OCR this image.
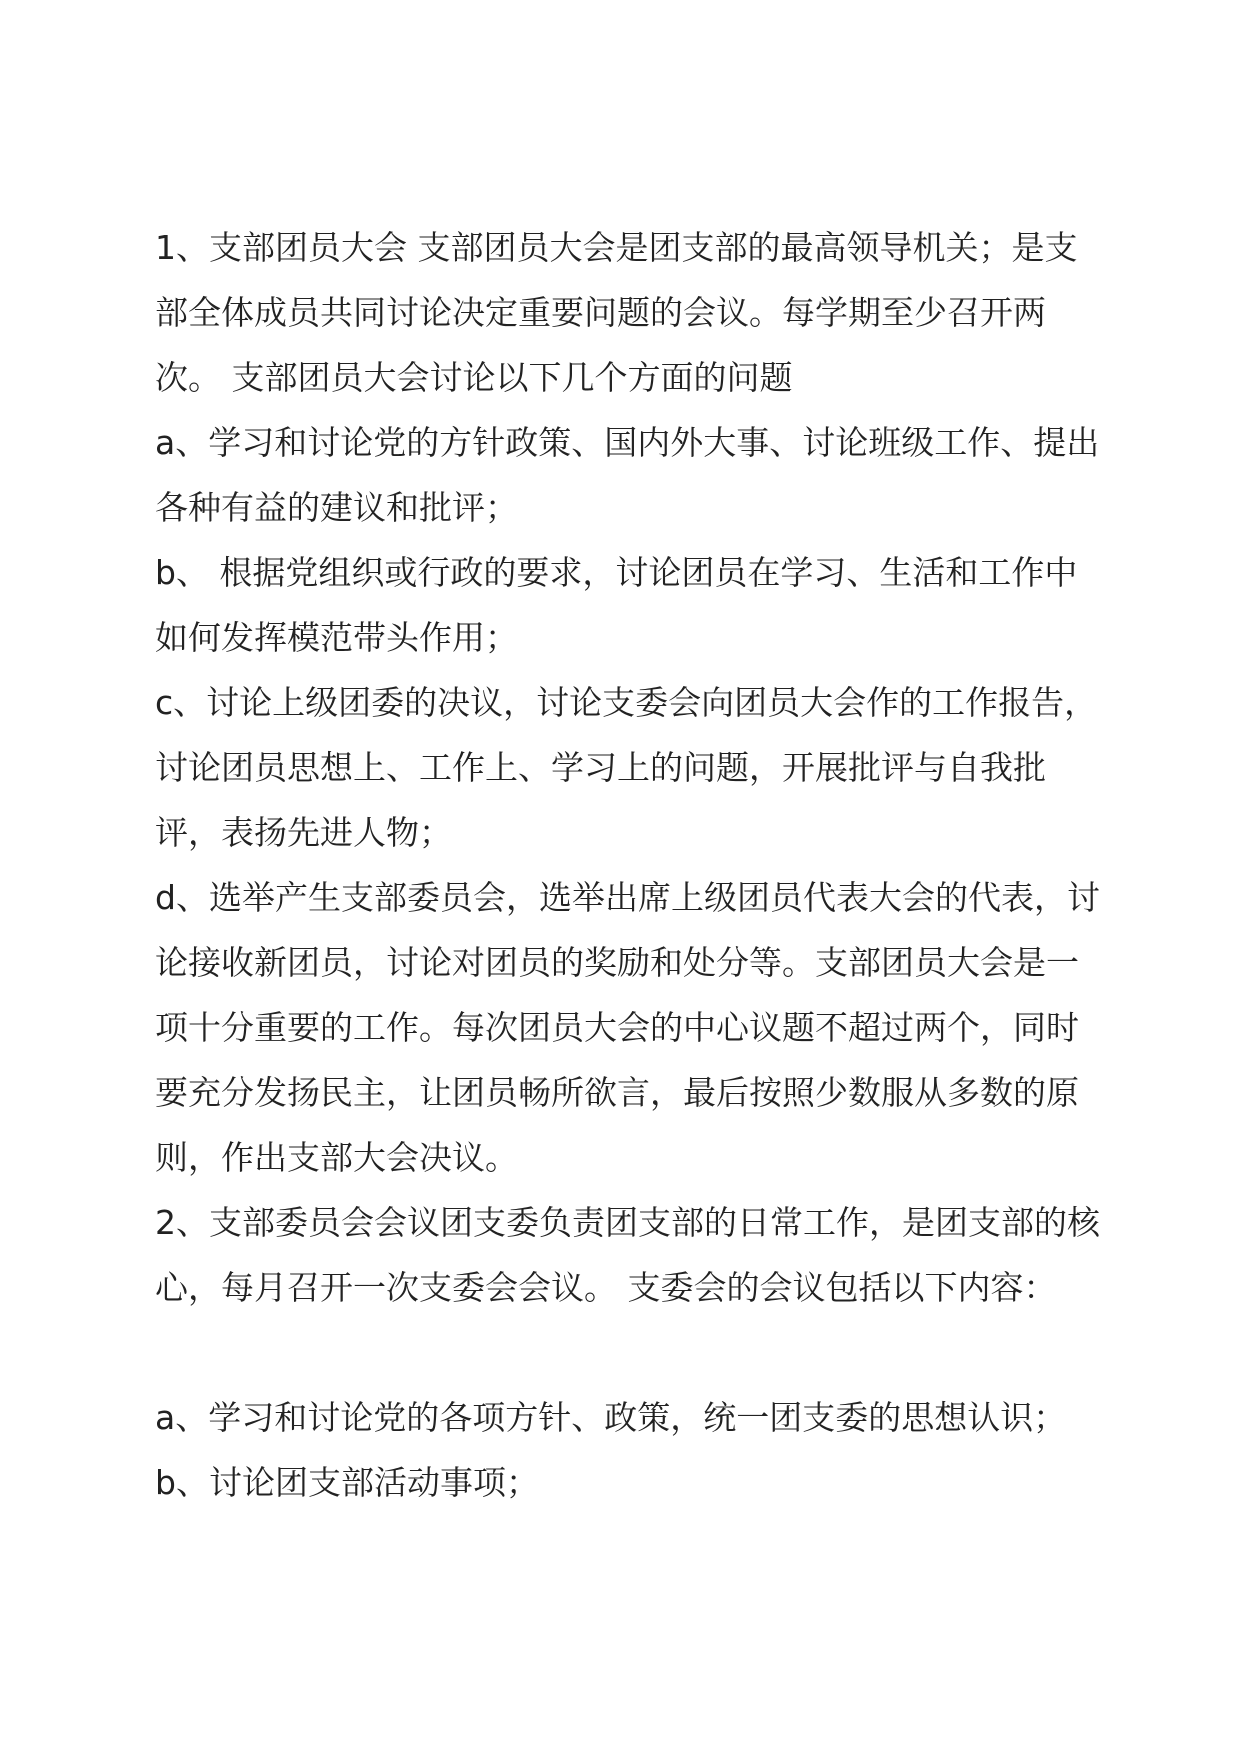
1、支部团员大会 支部团员大会是团支部的最高领导机关；是支部全体成员共同讨论决定重要问题的会议。每学期至少召开两次。 支部团员大会讨论以下几个方面的问题

a、学习和讨论党的方针政策、国内外大事、讨论班级工作、提出各种有益的建议和批评；

b、 根据党组织或行政的要求，讨论团员在学习、生活和工作中如何发挥模范带头作用；

c、讨论上级团委的决议，讨论支委会向团员大会作的工作报告，讨论团员思想上、工作上、学习上的问题，开展批评与自我批评，表扬先进人物；

d、选举产生支部委员会，选举出席上级团员代表大会的代表，讨论接收新团员，讨论对团员的奖励和处分等。支部团员大会是一项十分重要的工作。每次团员大会的中心议题不超过两个，同时要充分发扬民主，让团员畅所欲言，最后按照少数服从多数的原则，作出支部大会决议。

2、支部委员会会议团支委负责团支部的日常工作，是团支部的核心，每月召开一次支委会会议。 支委会的会议包括以下内容：

a、学习和讨论党的各项方针、政策，统一团支委的思想认识；

b、讨论团支部活动事项；
